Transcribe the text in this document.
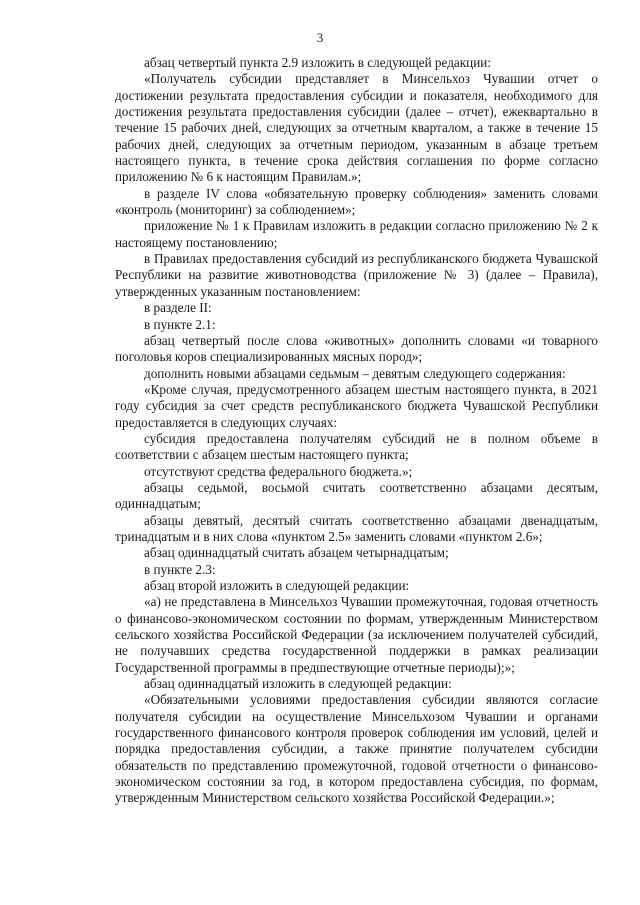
3

абзац четвертый пункта 2.9 изложить в следующей редакции:

«Получатель субсидии представляет в Минсельхоз Чувашии отчет о достижении результата предоставления субсидии и показателя, необходимого для достижения результата предоставления субсидии (далее – отчет), ежеквартально в течение 15 рабочих дней, следующих за отчетным кварталом, а также в течение 15 рабочих дней, следующих за отчетным периодом, указанным в абзаце третьем настоящего пункта, в течение срока действия соглашения по форме согласно приложению № 6 к настоящим Правилам.»;

в разделе IV слова «обязательную проверку соблюдения» заменить словами «контроль (мониторинг) за соблюдением»;

приложение № 1 к Правилам изложить в редакции согласно приложению № 2 к настоящему постановлению;

в Правилах предоставления субсидий из республиканского бюджета Чувашской Республики на развитие животноводства (приложение № 3) (далее – Правила), утвержденных указанным постановлением:

в разделе II:

в пункте 2.1:

абзац четвертый после слова «животных» дополнить словами «и товарного поголовья коров специализированных мясных пород»;

дополнить новыми абзацами седьмым – девятым следующего содержания:

«Кроме случая, предусмотренного абзацем шестым настоящего пункта, в 2021 году субсидия за счет средств республиканского бюджета Чувашской Республики предоставляется в следующих случаях:

субсидия предоставлена получателям субсидий не в полном объеме в соответствии с абзацем шестым настоящего пункта;

отсутствуют средства федерального бюджета.»;

абзацы седьмой, восьмой считать соответственно абзацами десятым, одиннадцатым;

абзацы девятый, десятый считать соответственно абзацами двенадцатым, тринадцатым и в них слова «пунктом 2.5» заменить словами «пунктом 2.6»;

абзац одиннадцатый считать абзацем четырнадцатым;

в пункте 2.3:

абзац второй изложить в следующей редакции:

«а) не представлена в Минсельхоз Чувашии промежуточная, годовая отчетность о финансово-экономическом состоянии по формам, утвержденным Министерством сельского хозяйства Российской Федерации (за исключением получателей субсидий, не получавших средства государственной поддержки в рамках реализации Государственной программы в предшествующие отчетные периоды);»;

абзац одиннадцатый изложить в следующей редакции:

«Обязательными условиями предоставления субсидии являются согласие получателя субсидии на осуществление Минсельхозом Чувашии и органами государственного финансового контроля проверок соблюдения им условий, целей и порядка предоставления субсидии, а также принятие получателем субсидии обязательств по представлению промежуточной, годовой отчетности о финансово-экономическом состоянии за год, в котором предоставлена субсидия, по формам, утвержденным Министерством сельского хозяйства Российской Федерации.»;
